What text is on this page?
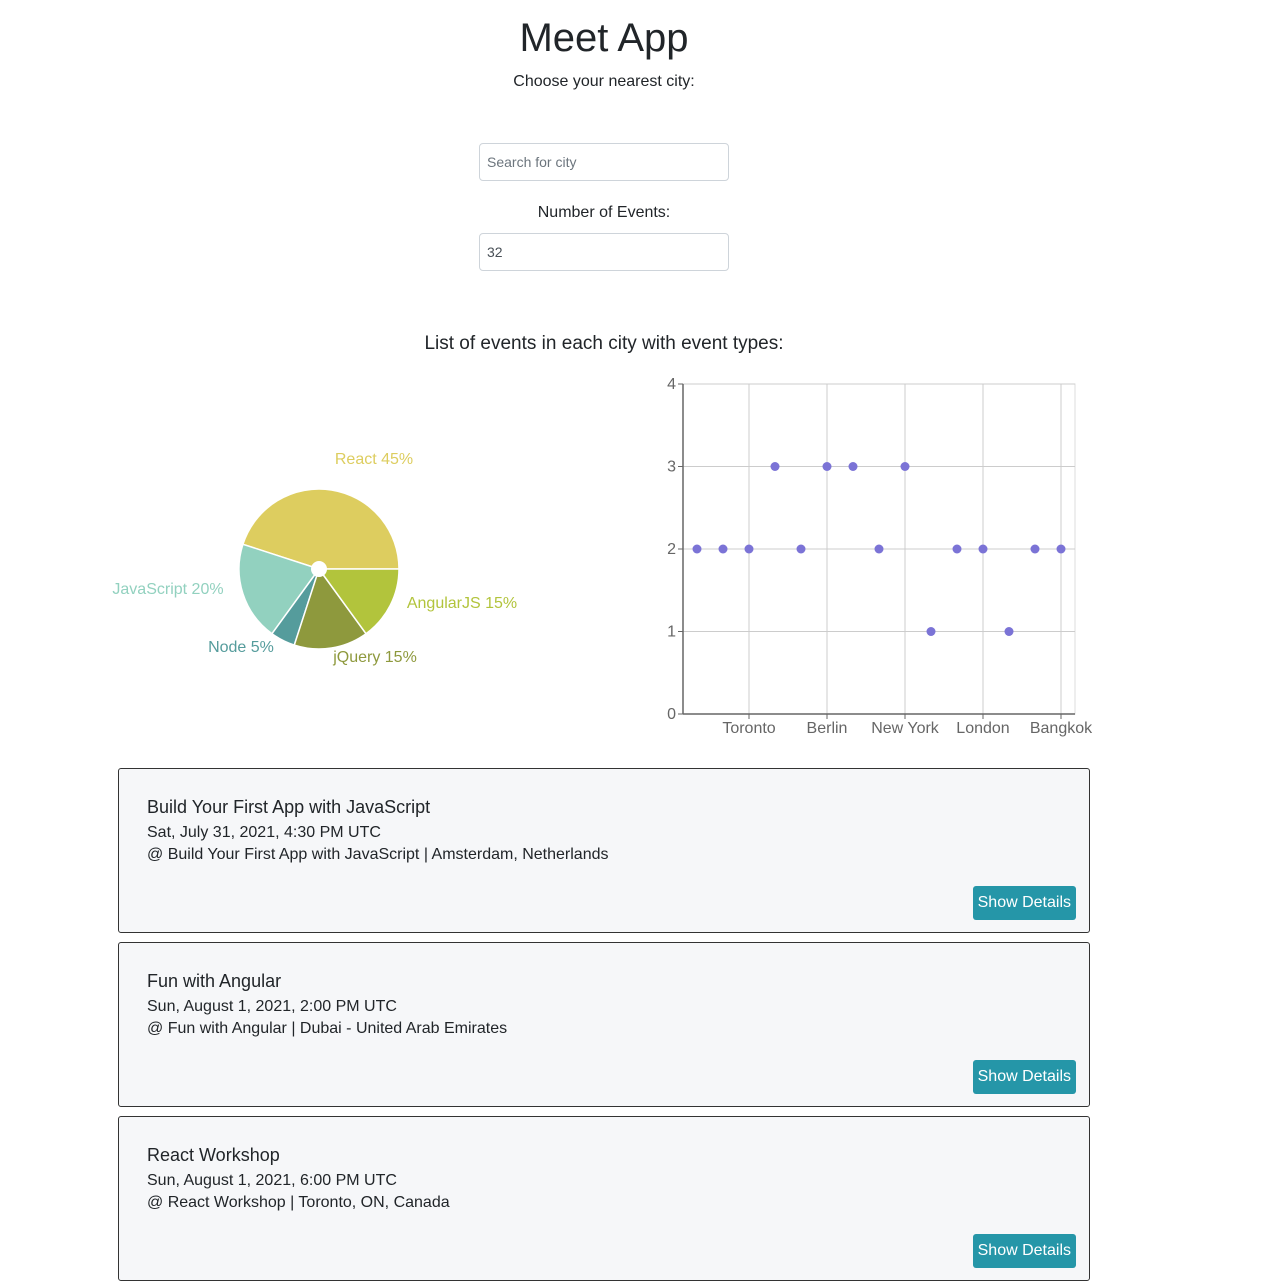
Meet App
Choose your nearest city:
Search for city
Number of Events:
32
List of events in each city with event types:
React 45%
JavaScript 20%
Node 5%
jQuery 15%
AngularJS 15%
0
1
2
3
4
Toronto Berlin New York London Bangkok
Build Your First App with JavaScript
Sat, July 31, 2021, 4:30 PM UTC
@ Build Your First App with JavaScript | Amsterdam, Netherlands
Show Details
Fun with Angular
Sun, August 1, 2021, 2:00 PM UTC
@ Fun with Angular | Dubai - United Arab Emirates
Show Details
React Workshop
Sun, August 1, 2021, 6:00 PM UTC
@ React Workshop | Toronto, ON, Canada
Show Details
